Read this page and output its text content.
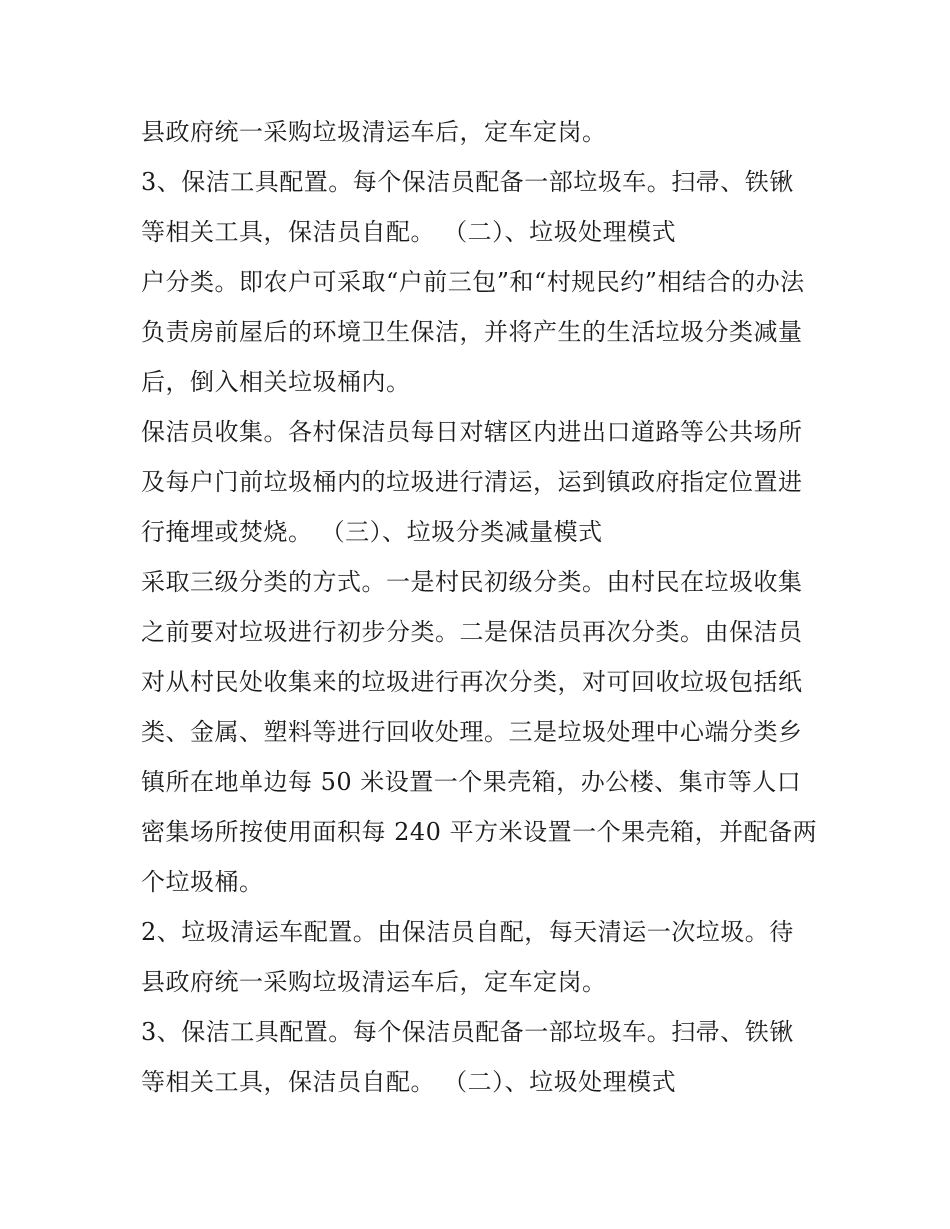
县政府统一采购垃圾清运车后，定车定岗。
3、保洁工具配置。每个保洁员配备一部垃圾车。扫帚、铁锹
等相关工具，保洁员自配。 （二）、垃圾处理模式
户分类。即农户可采取“户前三包”和“村规民约”相结合的办法
负责房前屋后的环境卫生保洁，并将产生的生活垃圾分类减量
后，倒入相关垃圾桶内。
保洁员收集。各村保洁员每日对辖区内进出口道路等公共场所
及每户门前垃圾桶内的垃圾进行清运，运到镇政府指定位置进
行掩埋或焚烧。 （三）、垃圾分类减量模式
采取三级分类的方式。一是村民初级分类。由村民在垃圾收集
之前要对垃圾进行初步分类。二是保洁员再次分类。由保洁员
对从村民处收集来的垃圾进行再次分类，对可回收垃圾包括纸
类、金属、塑料等进行回收处理。三是垃圾处理中心端分类乡
镇所在地单边每 50 米设置一个果壳箱，办公楼、集市等人口
密集场所按使用面积每 240 平方米设置一个果壳箱，并配备两
个垃圾桶。
2、垃圾清运车配置。由保洁员自配，每天清运一次垃圾。待
县政府统一采购垃圾清运车后，定车定岗。
3、保洁工具配置。每个保洁员配备一部垃圾车。扫帚、铁锹
等相关工具，保洁员自配。 （二）、垃圾处理模式
